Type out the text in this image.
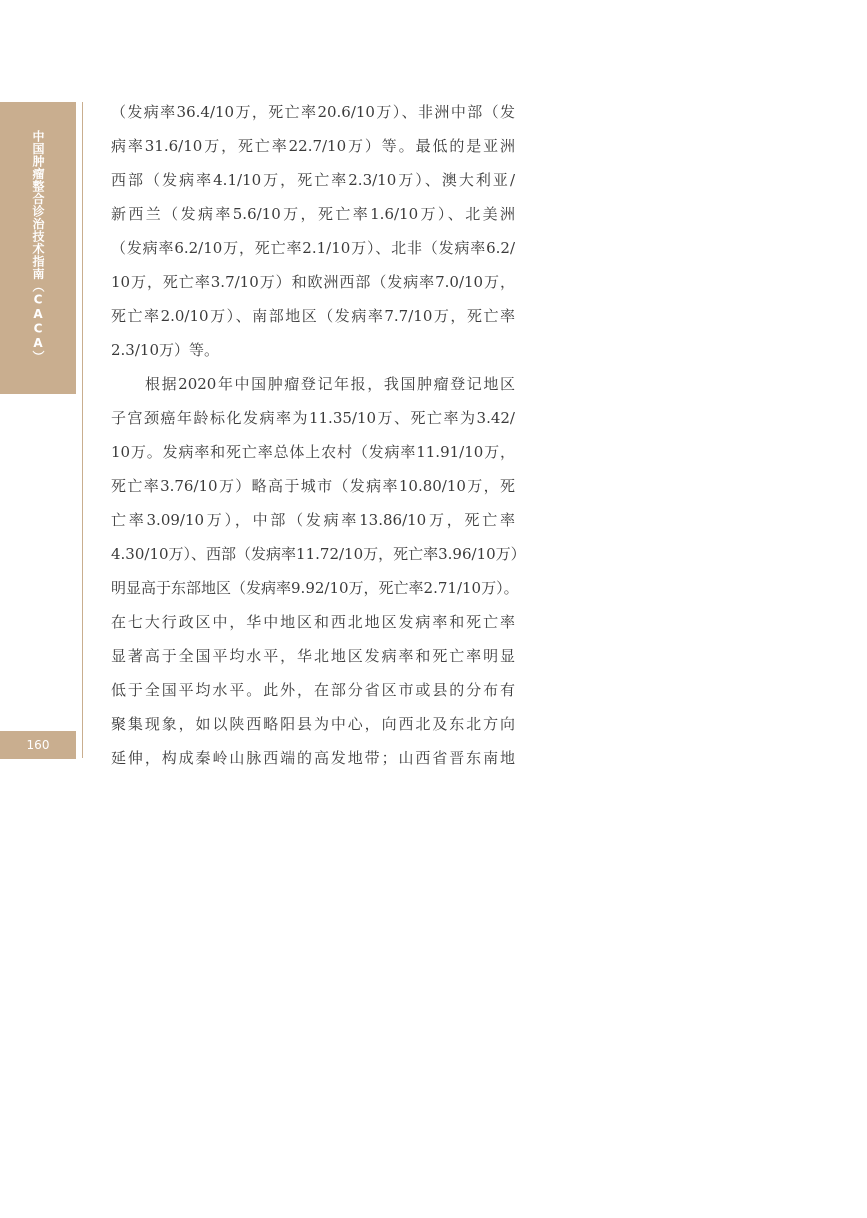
中国肿瘤整合诊治技术指南（CACA）
160
（发病率36.4/10万，死亡率20.6/10万）、非洲中部（发
病率31.6/10万，死亡率22.7/10万）等。最低的是亚洲
西部（发病率4.1/10万，死亡率2.3/10万）、澳大利亚/
新西兰（发病率5.6/10万，死亡率1.6/10万）、北美洲
（发病率6.2/10万，死亡率2.1/10万）、北非（发病率6.2/
10万，死亡率3.7/10万）和欧洲西部（发病率7.0/10万，
死亡率2.0/10万）、南部地区（发病率7.7/10万，死亡率
2.3/10万）等。
根据2020年中国肿瘤登记年报，我国肿瘤登记地区
子宫颈癌年龄标化发病率为11.35/10万、死亡率为3.42/
10万。发病率和死亡率总体上农村（发病率11.91/10万，
死亡率3.76/10万）略高于城市（发病率10.80/10万，死
亡率3.09/10万），中部（发病率13.86/10万，死亡率
4.30/10万）、西部（发病率11.72/10万，死亡率3.96/10万）
明显高于东部地区（发病率9.92/10万，死亡率2.71/10万）。
在七大行政区中，华中地区和西北地区发病率和死亡率
显著高于全国平均水平，华北地区发病率和死亡率明显
低于全国平均水平。此外，在部分省区市或县的分布有
聚集现象，如以陕西略阳县为中心，向西北及东北方向
延伸，构成秦岭山脉西端的高发地带；山西省晋东南地
